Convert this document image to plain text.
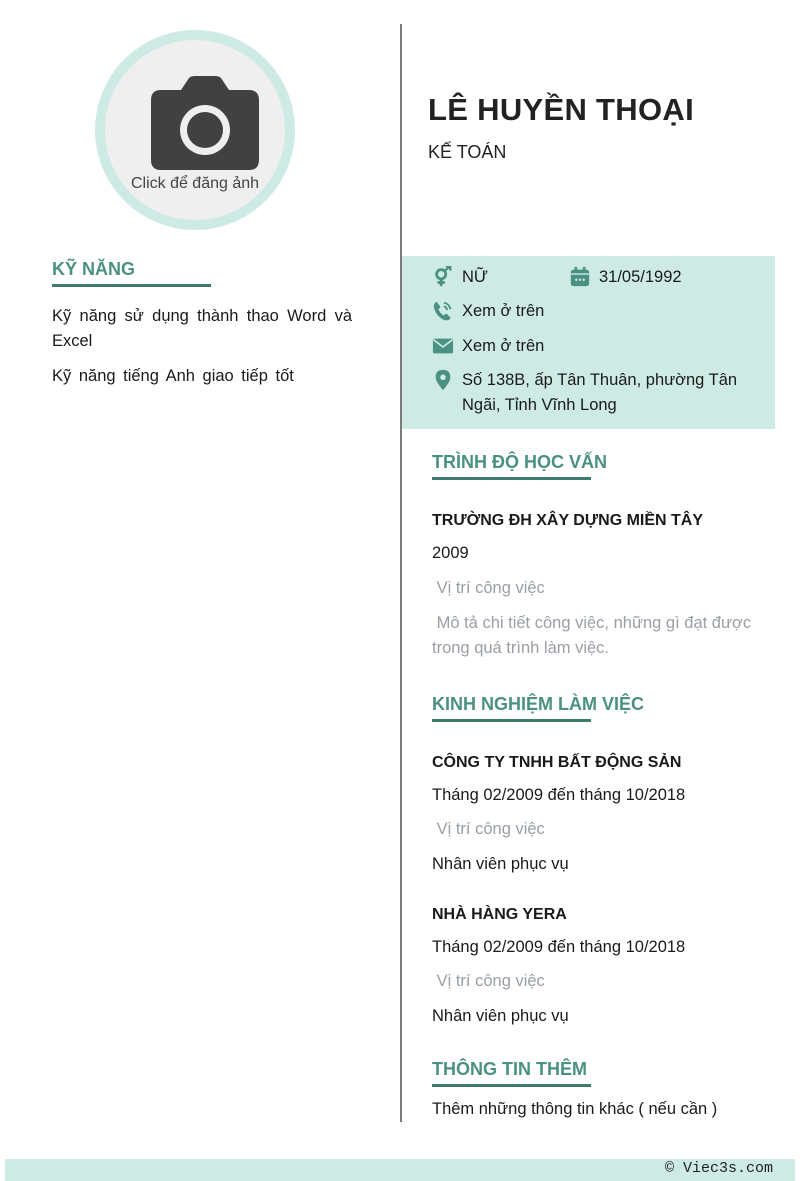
Click để đăng ảnh
KỸ NĂNG
Kỹ năng sử dụng thành thao Word và Excel
Kỹ năng tiếng Anh giao tiếp tốt
LÊ HUYỀN THOẠI
KẾ TOÁN
NỮ	31/05/1992
Xem ở trên
Xem ở trên
Số 138B, ấp Tân Thuân, phường Tân Ngãi, Tỉnh Vĩnh Long
TRÌNH ĐỘ HỌC VẤN
TRƯỜNG ĐH XÂY DỰNG MIỀN TÂY
2009
Vị trí công việc
Mô tả chi tiết công việc, những gì đạt được trong quá trình làm việc.
KINH NGHIỆM LÀM VIỆC
CÔNG TY TNHH BẤT ĐỘNG SẢN
Tháng 02/2009 đến tháng 10/2018
Vị trí công việc
Nhân viên phục vụ
NHÀ HÀNG YERA
Tháng 02/2009 đến tháng 10/2018
Vị trí công việc
Nhân viên phục vụ
THÔNG TIN THÊM
Thêm những thông tin khác ( nếu cần )
© Viec3s.com
